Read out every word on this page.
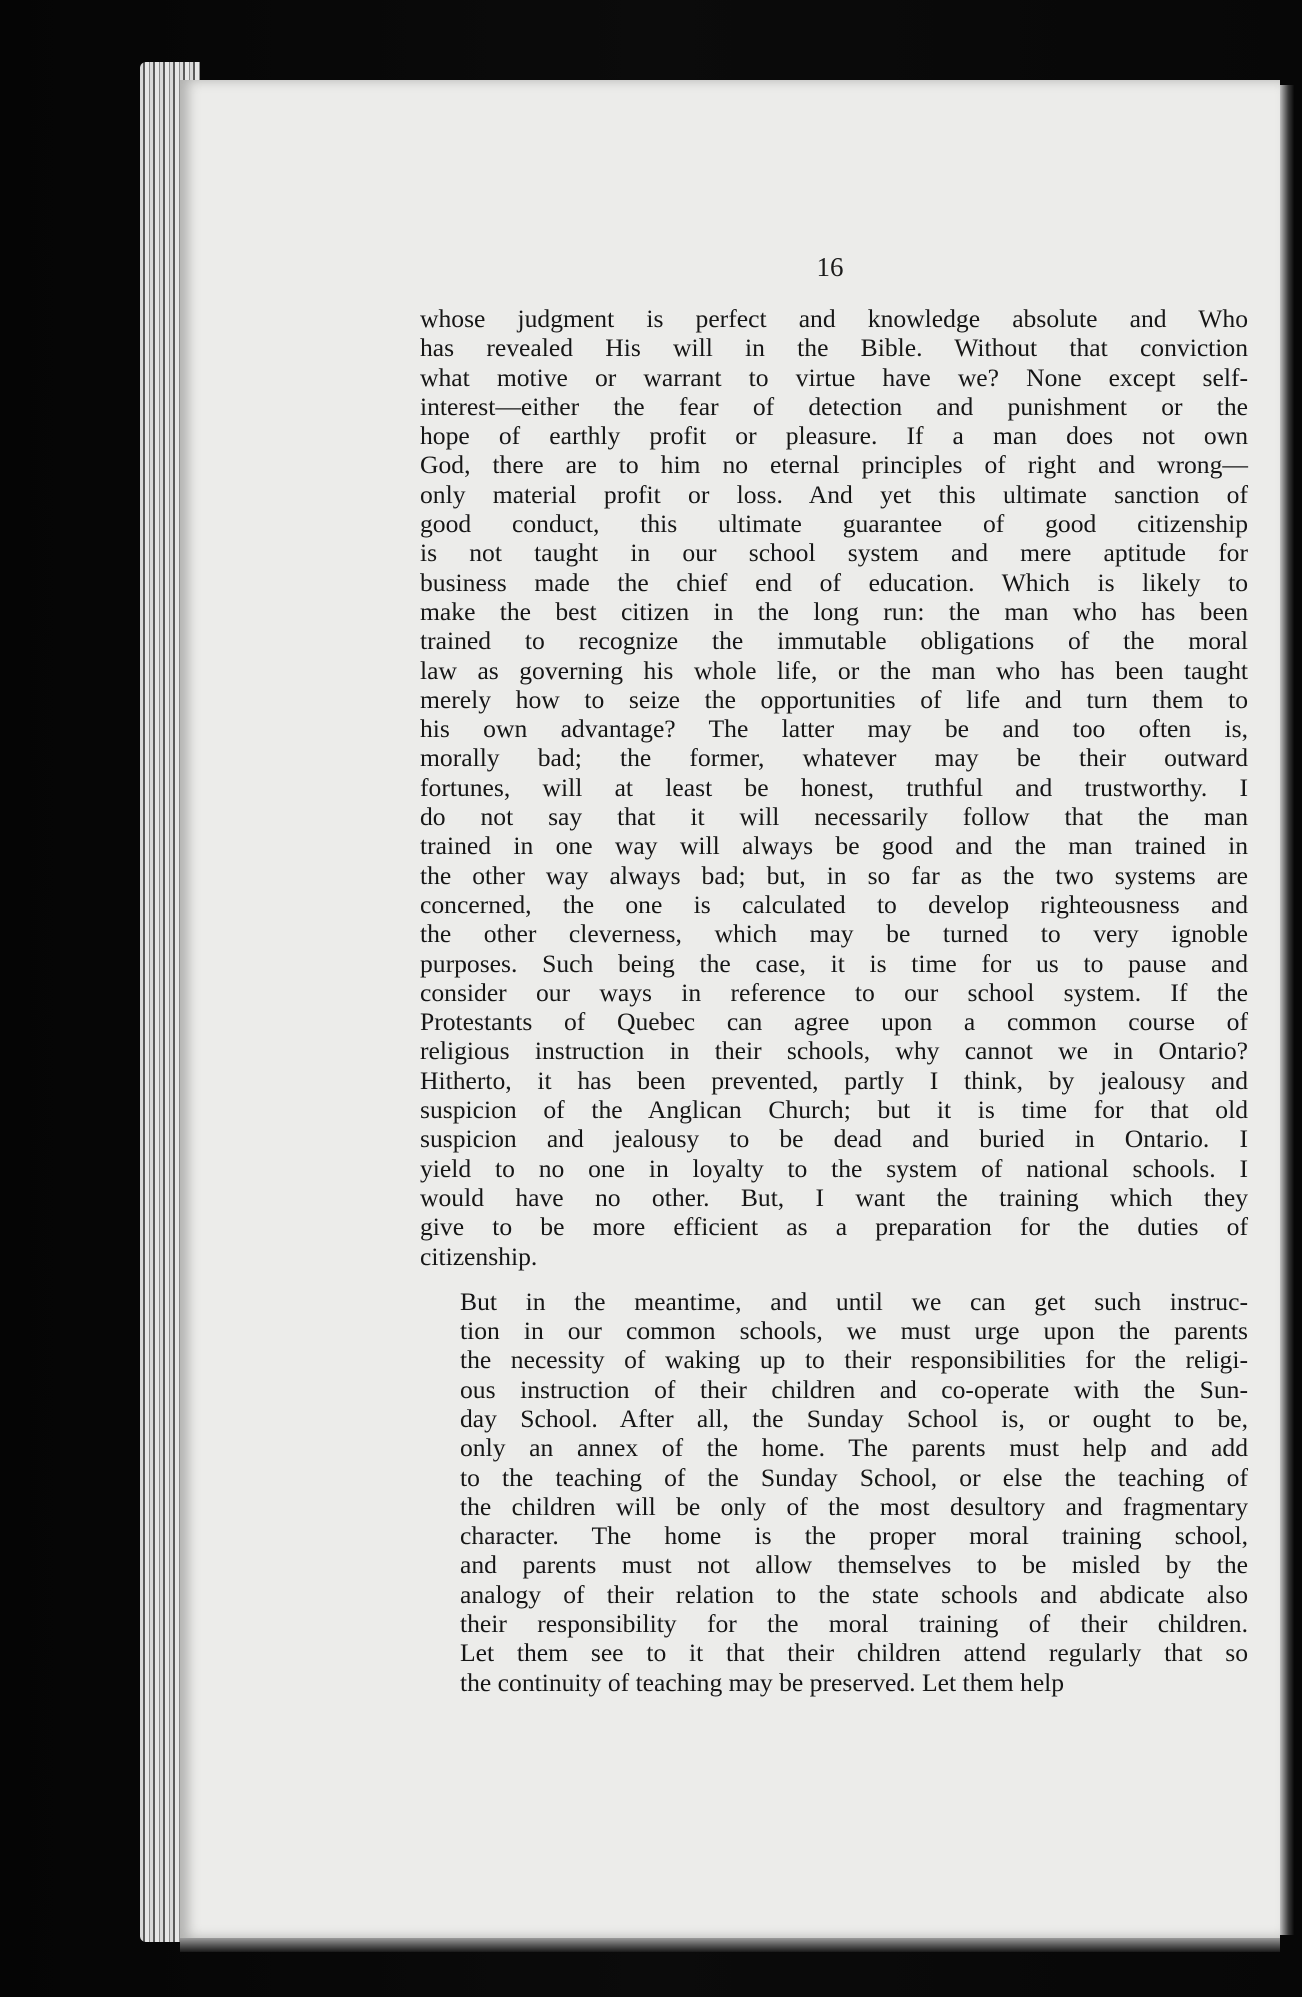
16

whose judgment is perfect and knowledge absolute and Who
has revealed His will in the Bible. Without that conviction
what motive or warrant to virtue have we? None except self-
interest—either the fear of detection and punishment or the
hope of earthly profit or pleasure. If a man does not own
God, there are to him no eternal principles of right and wrong—
only material profit or loss. And yet this ultimate sanction of
good conduct, this ultimate guarantee of good citizenship
is not taught in our school system and mere aptitude for
business made the chief end of education. Which is likely to
make the best citizen in the long run: the man who has been
trained to recognize the immutable obligations of the moral
law as governing his whole life, or the man who has been taught
merely how to seize the opportunities of life and turn them to
his own advantage? The latter may be and too often is,
morally bad; the former, whatever may be their outward
fortunes, will at least be honest, truthful and trustworthy. I
do not say that it will necessarily follow that the man
trained in one way will always be good and the man trained in
the other way always bad; but, in so far as the two systems are
concerned, the one is calculated to develop righteousness and
the other cleverness, which may be turned to very ignoble
purposes. Such being the case, it is time for us to pause and
consider our ways in reference to our school system. If the
Protestants of Quebec can agree upon a common course of
religious instruction in their schools, why cannot we in Ontario?
Hitherto, it has been prevented, partly I think, by jealousy and
suspicion of the Anglican Church; but it is time for that old
suspicion and jealousy to be dead and buried in Ontario. I
yield to no one in loyalty to the system of national schools. I
would have no other. But, I want the training which they
give to be more efficient as a preparation for the duties of
citizenship.

But in the meantime, and until we can get such instruc-
tion in our common schools, we must urge upon the parents
the necessity of waking up to their responsibilities for the religi-
ous instruction of their children and co-operate with the Sun-
day School. After all, the Sunday School is, or ought to be,
only an annex of the home. The parents must help and add
to the teaching of the Sunday School, or else the teaching of
the children will be only of the most desultory and fragmentary
character. The home is the proper moral training school,
and parents must not allow themselves to be misled by the
analogy of their relation to the state schools and abdicate also
their responsibility for the moral training of their children.
Let them see to it that their children attend regularly that so
the continuity of teaching may be preserved. Let them help
